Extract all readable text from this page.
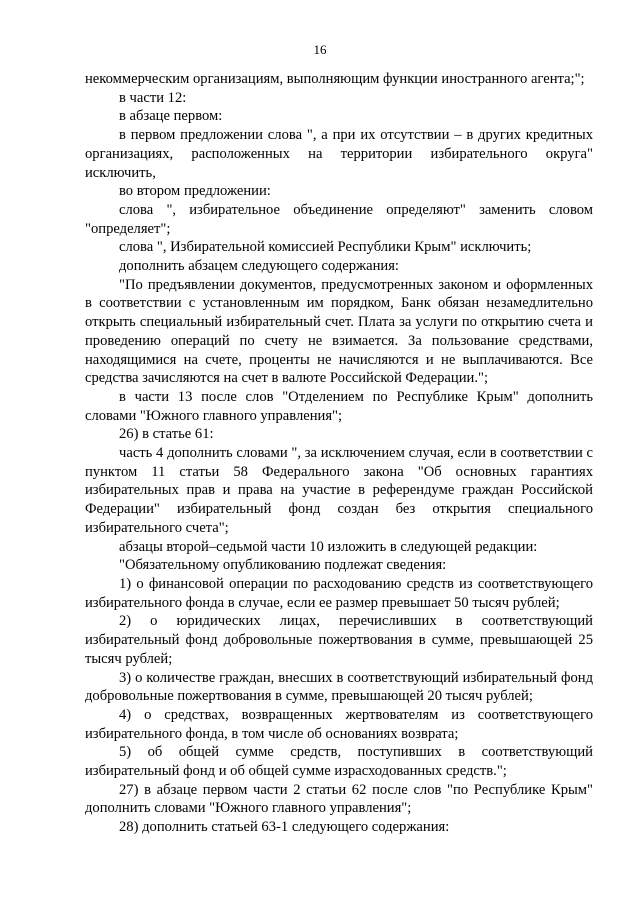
16

некоммерческим организациям, выполняющим функции иностранного агента;";

в части 12:

в абзаце первом:

в первом предложении слова ", а при их отсутствии – в других кредитных организациях, расположенных на территории избирательного округа" исключить,

во втором предложении:

слова ", избирательное объединение определяют" заменить словом "определяет";

слова ", Избирательной комиссией Республики Крым" исключить;

дополнить абзацем следующего содержания:

"По предъявлении документов, предусмотренных законом и оформленных в соответствии с установленным им порядком, Банк обязан незамедлительно открыть специальный избирательный счет. Плата за услуги по открытию счета и проведению операций по счету не взимается. За пользование средствами, находящимися на счете, проценты не начисляются и не выплачиваются. Все средства зачисляются на счет в валюте Российской Федерации.";

в части 13 после слов "Отделением по Республике Крым" дополнить словами "Южного главного управления";

26) в статье 61:

часть 4 дополнить словами ", за исключением случая, если в соответствии с пунктом 11 статьи 58 Федерального закона "Об основных гарантиях избирательных прав и права на участие в референдуме граждан Российской Федерации" избирательный фонд создан без открытия специального избирательного счета";

абзацы второй–седьмой части 10 изложить в следующей редакции:

"Обязательному опубликованию подлежат сведения:

1) о финансовой операции по расходованию средств из соответствующего избирательного фонда в случае, если ее размер превышает 50 тысяч рублей;

2) о юридических лицах, перечисливших в соответствующий избирательный фонд добровольные пожертвования в сумме, превышающей 25 тысяч рублей;

3) о количестве граждан, внесших в соответствующий избирательный фонд добровольные пожертвования в сумме, превышающей 20 тысяч рублей;

4) о средствах, возвращенных жертвователям из соответствующего избирательного фонда, в том числе об основаниях возврата;

5) об общей сумме средств, поступивших в соответствующий избирательный фонд и об общей сумме израсходованных средств.";

27) в абзаце первом части 2 статьи 62 после слов "по Республике Крым" дополнить словами "Южного главного управления";

28) дополнить статьей 63-1 следующего содержания:
